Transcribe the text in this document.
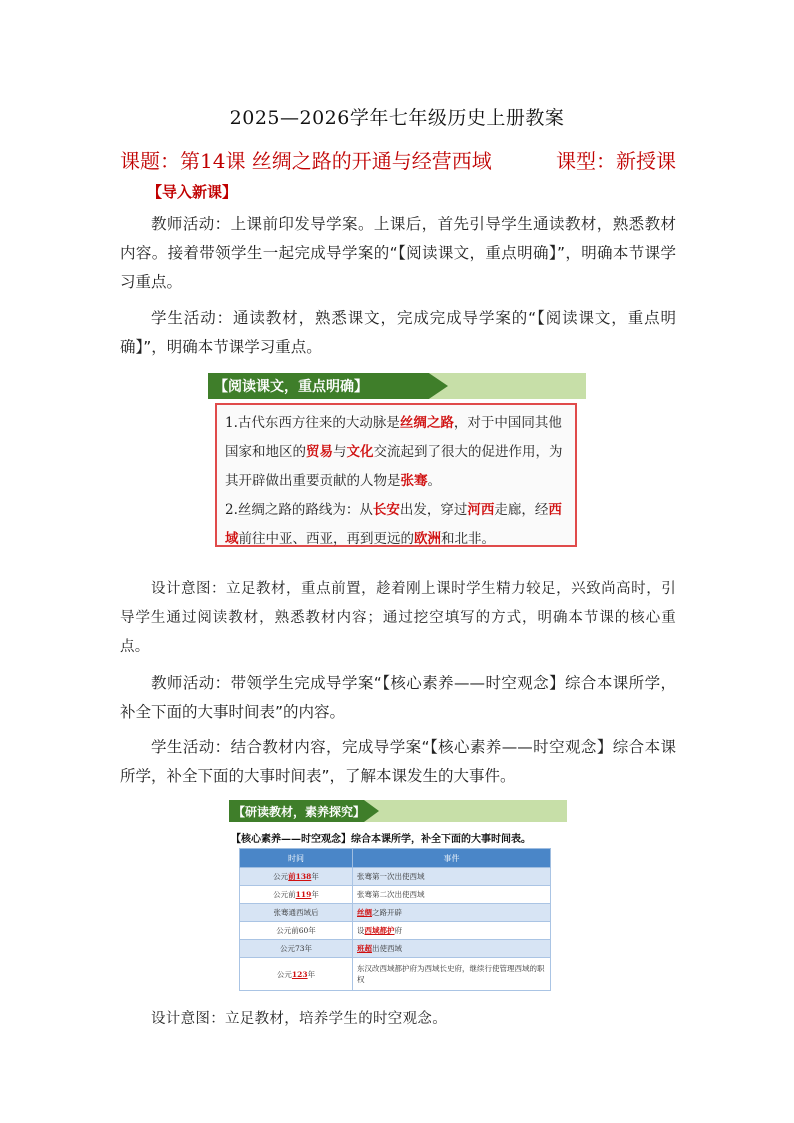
2025—2026学年七年级历史上册教案
课题：第14课 丝绸之路的开通与经营西域	课型：新授课
【导入新课】
教师活动：上课前印发导学案。上课后，首先引导学生通读教材，熟悉教材内容。接着带领学生一起完成导学案的“【阅读课文，重点明确】”，明确本节课学习重点。
学生活动：通读教材，熟悉课文，完成完成导学案的“【阅读课文，重点明确】”，明确本节课学习重点。
【阅读课文，重点明确】
1.古代东西方往来的大动脉是丝绸之路，对于中国同其他国家和地区的贸易与文化交流起到了很大的促进作用，为其开辟做出重要贡献的人物是张骞。
2.丝绸之路的路线为：从长安出发，穿过河西走廊，经西域前往中亚、西亚，再到更远的欧洲和北非。
设计意图：立足教材，重点前置，趁着刚上课时学生精力较足，兴致尚高时，引导学生通过阅读教材，熟悉教材内容；通过挖空填写的方式，明确本节课的核心重点。
教师活动：带领学生完成导学案“【核心素养——时空观念】综合本课所学，补全下面的大事时间表”的内容。
学生活动：结合教材内容，完成导学案“【核心素养——时空观念】综合本课所学，补全下面的大事时间表”，了解本课发生的大事件。
【研读教材，素养探究】
【核心素养——时空观念】综合本课所学，补全下面的大事时间表。
时间	事件
公元前138年	张骞第一次出使西域
公元前119年	张骞第二次出使西域
张骞通西域后	丝绸之路开辟
公元前60年	设西域都护府
公元73年	班超出使西域
公元123年	东汉改西域都护府为西域长史府，继续行使管理西域的职权
设计意图：立足教材，培养学生的时空观念。
